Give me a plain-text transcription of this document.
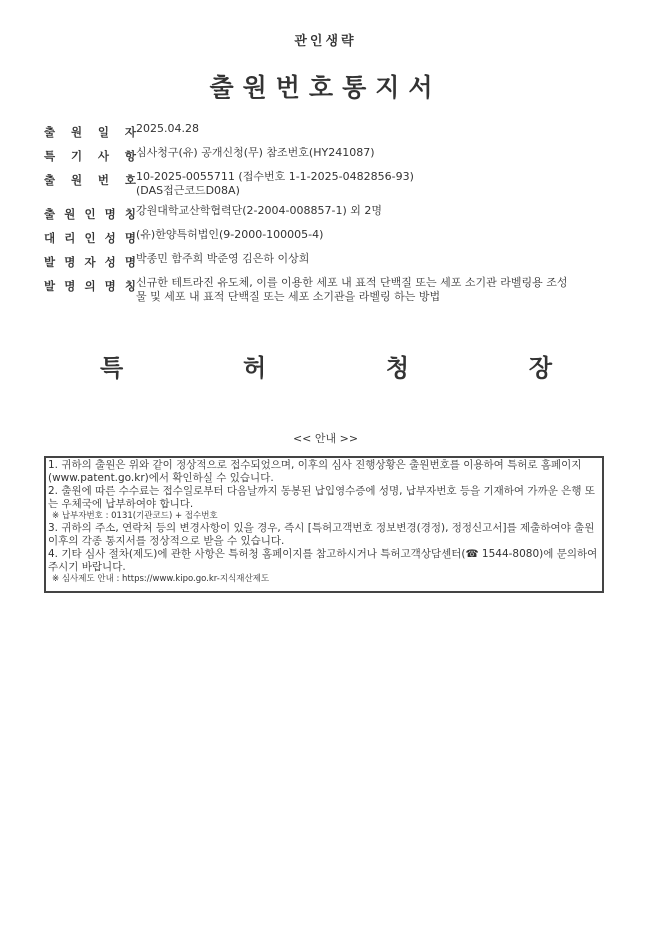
관인생략
출원번호통지서
출 원 일 자 2025.04.28
특 기 사 항 심사청구(유) 공개신청(무) 참조번호(HY241087)
출 원 번 호 10-2025-0055711 (접수번호 1-1-2025-0482856-93)
(DAS접근코드D08A)
출 원 인 명 칭 강원대학교산학협력단(2-2004-008857-1) 외 2명
대 리 인 성 명 (유)한양특허법인(9-2000-100005-4)
발 명 자 성 명 박종민 함주희 박준영 김은하 이상희
발 명 의 명 칭 신규한 테트라진 유도체, 이를 이용한 세포 내 표적 단백질 또는 세포 소기관 라벨링용 조성
물 및 세포 내 표적 단백질 또는 세포 소기관을 라벨링 하는 방법
특	허	청	장
<< 안내 >>

1. 귀하의 출원은 위와 같이 정상적으로 접수되었으며, 이후의 심사 진행상황은 출원번호를 이용하여 특허로 홈페이지(www.patent.go.kr)에서 확인하실 수 있습니다.

2. 출원에 따른 수수료는 접수일로부터 다음날까지 동봉된 납입영수증에 성명, 납부자번호 등을 기재하여 가까운 은행 또는 우체국에 납부하여야 합니다.

※ 납부자번호 : 0131(기관코드) + 접수번호

3. 귀하의 주소, 연락처 등의 변경사항이 있을 경우, 즉시 [특허고객번호 정보변경(경정), 정정신고서]를 제출하여야 출원 이후의 각종 통지서를 정상적으로 받을 수 있습니다.

4. 기타 심사 절차(제도)에 관한 사항은 특허청 홈페이지를 참고하시거나 특허고객상담센터(☎ 1544-8080)에 문의하여 주시기 바랍니다.

※ 심사제도 안내 : https://www.kipo.go.kr-지식재산제도
